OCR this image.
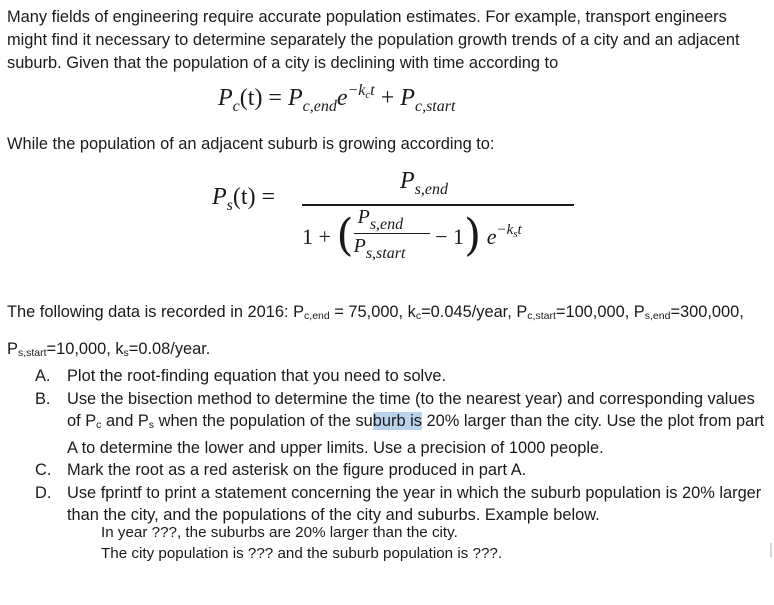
Many fields of engineering require accurate population estimates. For example, transport engineers might find it necessary to determine separately the population growth trends of a city and an adjacent suburb. Given that the population of a city is declining with time according to

$P_c(t) = P_{c,end}e^{-kct} + P_{c,start}$

While the population of an adjacent suburb is growing according to:

$P_s(t)$ =
$P_{s,end}$
1 + ( $P_{s,end}$
$P_{s,start}$
− 1) $e^{-k_st}$

The following data is recorded in 2016: Pc,end = 75,000, kc=0.045/year, Pc,start=100,000, Ps,end=300,000,
Ps,start=10,000, ks=0.08/year.

A. Plot the root-finding equation that you need to solve.
B. Use the bisection method to determine the time (to the nearest year) and corresponding values of Pc and Ps when the population of the suburb is 20% larger than the city. Use the plot from part A to determine the lower and upper limits. Use a precision of 1000 people.
C. Mark the root as a red asterisk on the figure produced in part A.
D. Use fprintf to print a statement concerning the year in which the suburb population is 20% larger than the city, and the populations of the city and suburbs. Example below.
In year ???, the suburbs are 20% larger than the city.
The city population is ??? and the suburb population is ???.
